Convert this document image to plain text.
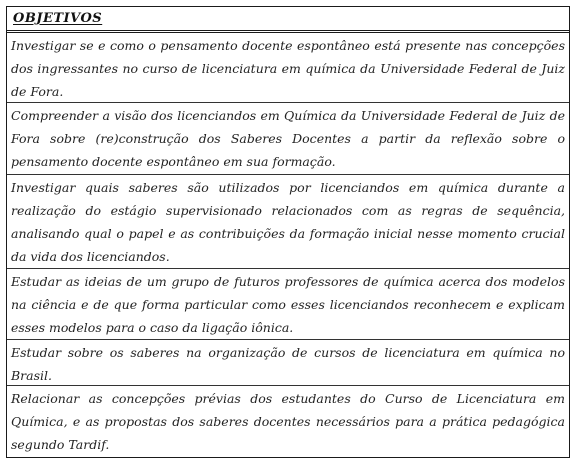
OBJETIVOS
Investigar se e como o pensamento docente espontâneo está presente nas concepções dos ingressantes no curso de licenciatura em química da Universidade Federal de Juiz de Fora.
Compreender a visão dos licenciandos em Química da Universidade Federal de Juiz de Fora sobre (re)construção dos Saberes Docentes a partir da reflexão sobre o pensamento docente espontâneo em sua formação.
Investigar quais saberes são utilizados por licenciandos em química durante a realização do estágio supervisionado relacionados com as regras de sequência, analisando qual o papel e as contribuições da formação inicial nesse momento crucial da vida dos licenciandos.
Estudar as ideias de um grupo de futuros professores de química acerca dos modelos na ciência e de que forma particular como esses licenciandos reconhecem e explicam esses modelos para o caso da ligação iônica.
Estudar sobre os saberes na organização de cursos de licenciatura em química no Brasil.
Relacionar as concepções prévias dos estudantes do Curso de Licenciatura em Química, e as propostas dos saberes docentes necessários para a prática pedagógica segundo Tardif.
